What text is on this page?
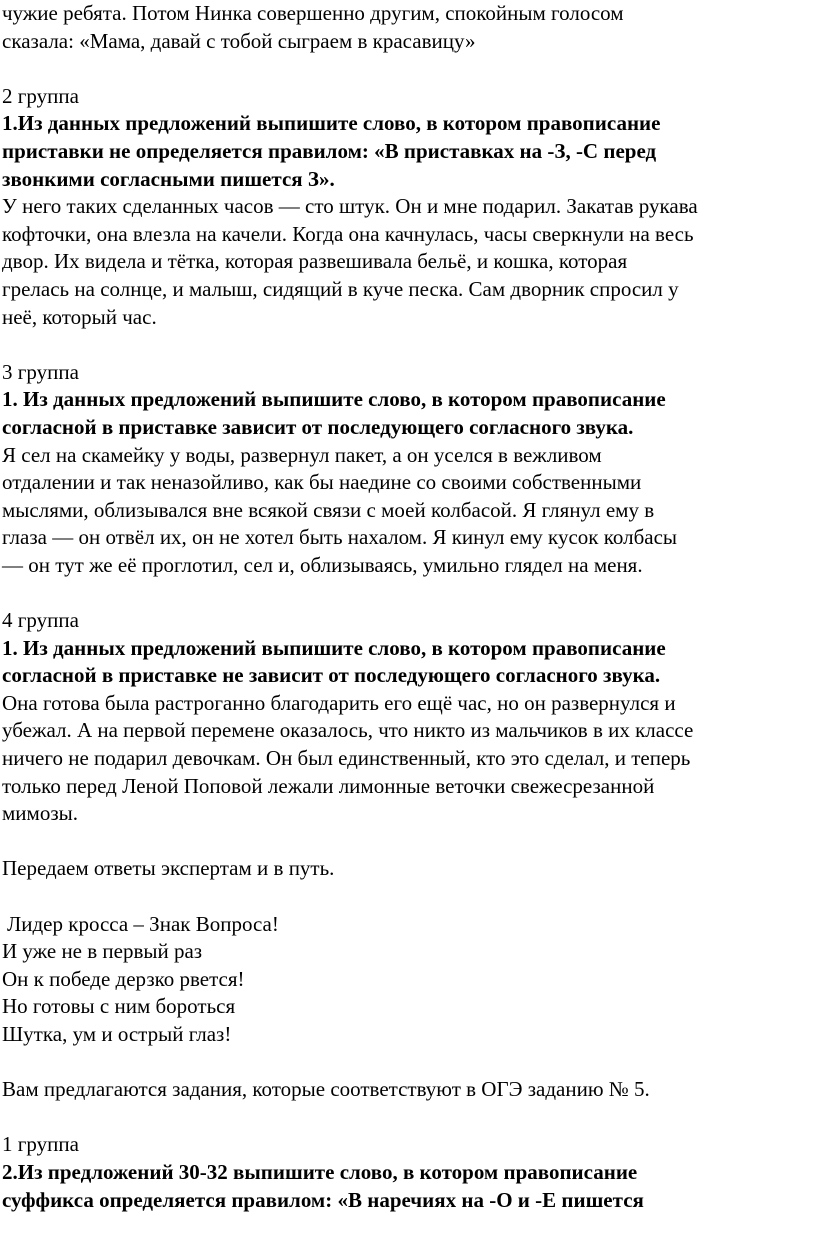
чужие ребята. Потом Нинка совершенно другим, спокойным голосом

сказала: «Мама, давай с тобой сыграем в красавицу»

2 группа

1.Из данных предложений выпишите слово, в котором правописание

приставки не определяется правилом: «В приставках на -З, -С перед

звонкими согласными пишется З».

У него таких сделанных часов — сто штук. Он и мне подарил. Закатав рукава

кофточки, она влезла на качели. Когда она качнулась, часы сверкнули на весь

двор. Их видела и тётка, которая развешивала бельё, и кошка, которая

грелась на солнце, и малыш, сидящий в куче песка. Сам дворник спросил у

неё, который час.

3 группа

1. Из данных предложений выпишите слово, в котором правописание

согласной в приставке зависит от последующего согласного звука.

Я сел на скамейку у воды, развернул пакет, а он уселся в вежливом

отдалении и так неназойливо, как бы наедине со своими собственными

мыслями, облизывался вне всякой связи с моей колбасой. Я глянул ему в

глаза — он отвёл их, он не хотел быть нахалом. Я кинул ему кусок колбасы

— он тут же её проглотил, сел и, облизываясь, умильно глядел на меня.

4 группа

1. Из данных предложений выпишите слово, в котором правописание

согласной в приставке не зависит от последующего согласного звука.

Она готова была растроганно благодарить его ещё час, но он развернулся и

убежал. А на первой перемене оказалось, что никто из мальчиков в их классе

ничего не подарил девочкам. Он был единственный, кто это сделал, и теперь

только перед Леной Поповой лежали лимонные веточки свежесрезанной

мимозы.

Передаем ответы экспертам и в путь.

Лидер кросса – Знак Вопроса!

И уже не в первый раз

Он к победе дерзко рвется!

Но готовы с ним бороться

Шутка, ум и острый глаз!

Вам предлагаются задания, которые соответствуют в ОГЭ заданию № 5.

1 группа

2.Из предложений 30-32 выпишите слово, в котором правописание

суффикса определяется правилом: «В наречиях на -О и -Е пишется
